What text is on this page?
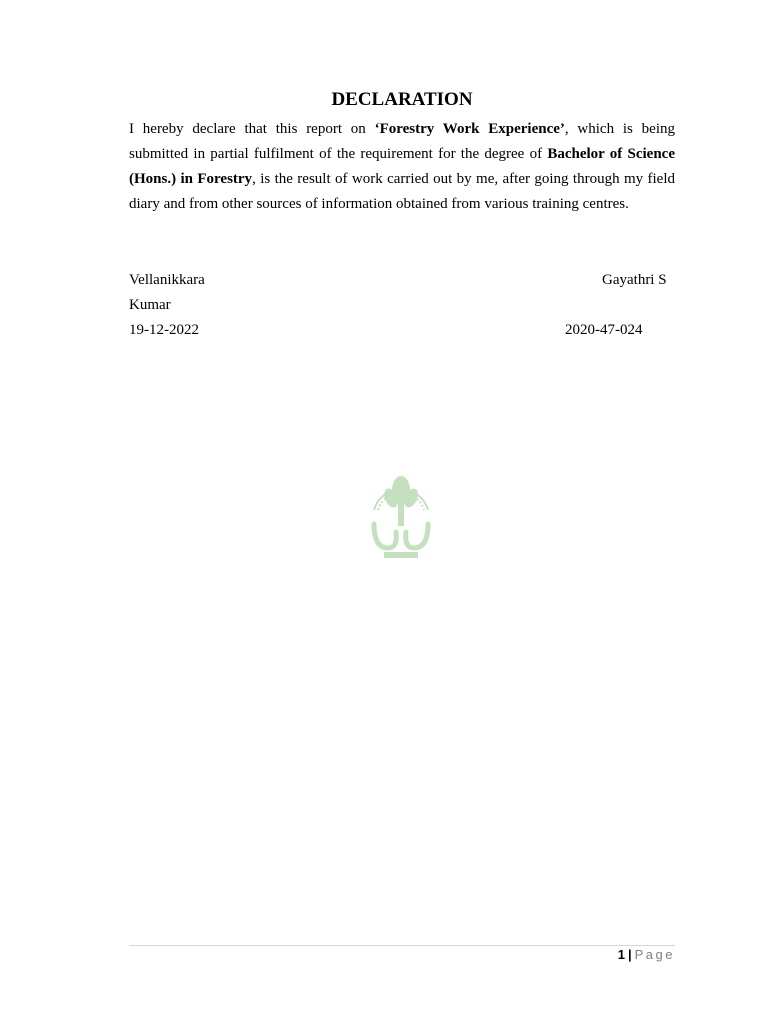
DECLARATION

I hereby declare that this report on ‘Forestry Work Experience’, which is being submitted in partial fulfilment of the requirement for the degree of Bachelor of Science (Hons.) in Forestry, is the result of work carried out by me, after going through my field diary and from other sources of information obtained from various training centres.

Vellanikkara	Gayathri S

Kumar

19-12-2022	2020-47-024

1 | Page
